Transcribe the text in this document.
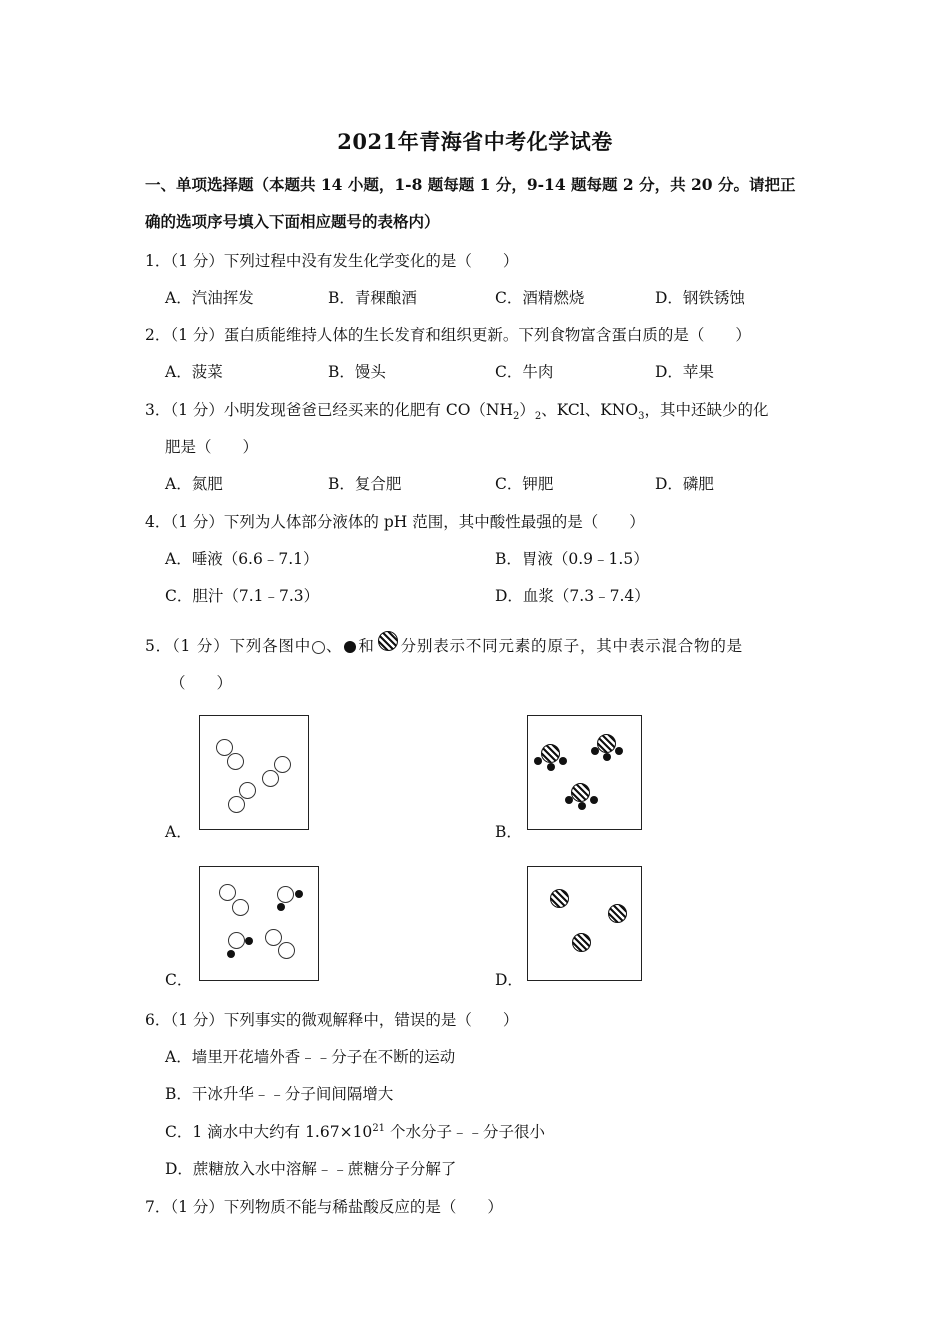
2021年青海省中考化学试卷
一、单项选择题（本题共 14 小题，1-8 题每题 1 分，9-14 题每题 2 分，共 20 分。请把正
确的选项序号填入下面相应题号的表格内）
1．（1 分）下列过程中没有发生化学变化的是（　　）
A．汽油挥发	B．青稞酿酒	C．酒精燃烧	D．钢铁锈蚀
2．（1 分）蛋白质能维持人体的生长发育和组织更新。下列食物富含蛋白质的是（　　）
A．菠菜	B．馒头	C．牛肉	D．苹果
3．（1 分）小明发现爸爸已经买来的化肥有 $CO(NH_2)_2$、KCl、$KNO_3$，其中还缺少的化
肥是（　　）
A．氮肥	B．复合肥	C．钾肥	D．磷肥
4．（1 分）下列为人体部分液体的 pH 范围，其中酸性最强的是（　　）
A．唾液（6.6﹣7.1）	B．胃液（0.9﹣1.5）
C．胆汁（7.1﹣7.3）	D．血浆（7.3﹣7.4）
5．（1 分）下列各图中 、 和 分别表示不同元素的原子，其中表示混合物的是
（　　）
A．	B．
C．	D．
6．（1 分）下列事实的微观解释中，错误的是（　　）
A．墙里开花墙外香﹣﹣分子在不断的运动
B．干冰升华﹣﹣分子间间隔增大
C．1 滴水中大约有 $1.67\times 10^{21}$ 个水分子﹣﹣分子很小
D．蔗糖放入水中溶解﹣﹣蔗糖分子分解了
7．（1 分）下列物质不能与稀盐酸反应的是（　　）
